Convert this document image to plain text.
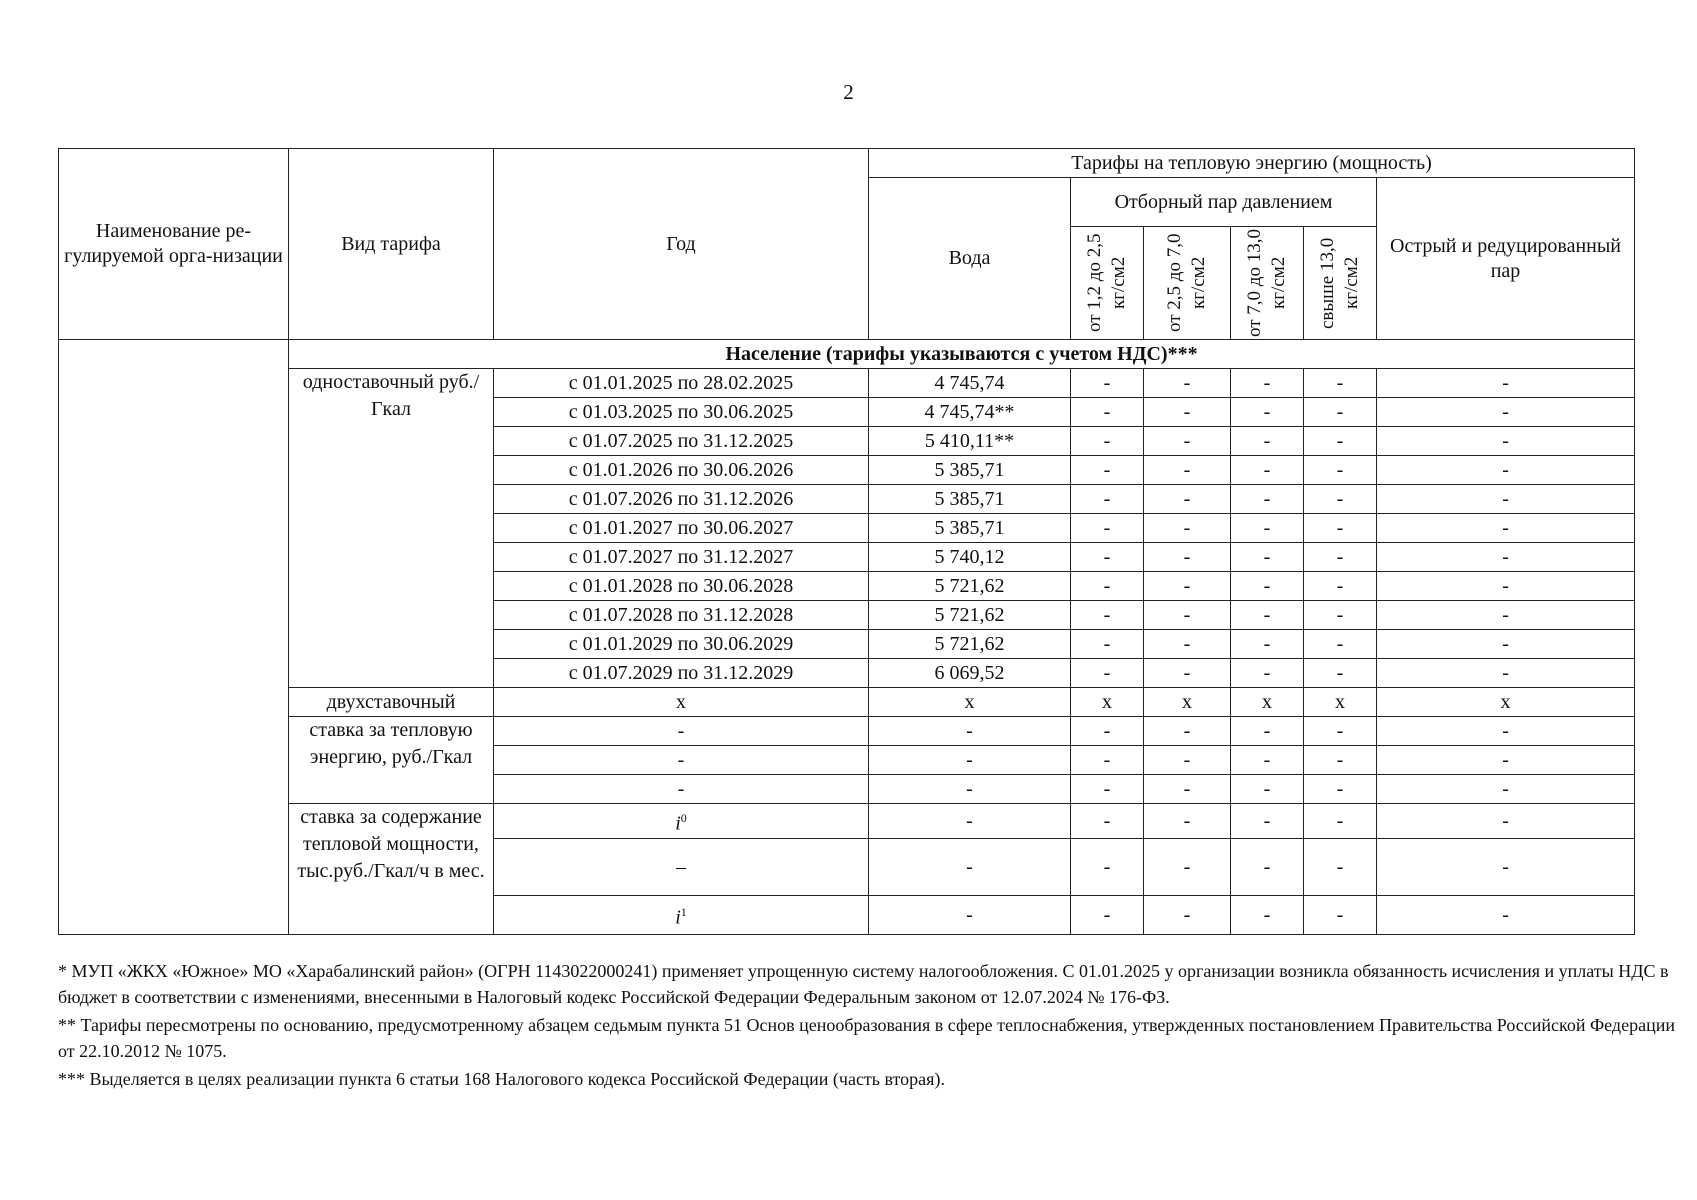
2
Наименование ре-гулируемой орга-низации	Вид тарифа	Год	Тарифы на тепловую энергию (мощность)					
			Вода	Отборный пар давлением				Острый и редуцированный пар

				от 1,2 до 2,5 кг/см2	от 2,5 до 7,0 кг/см2	от 7,0 до 13,0 кг/см2	свыше 13,0 кг/см2	

	Население (тарифы указываются с учетом НДС)***							
	одноставочный руб./Гкал	с 01.01.2025 по 28.02.2025	4 745,74	-	-	-	-	-
		с 01.03.2025 по 30.06.2025	4 745,74**	-	-	-	-	-
		с 01.07.2025 по 31.12.2025	5 410,11**	-	-	-	-	-
		с 01.01.2026 по 30.06.2026	5 385,71	-	-	-	-	-
		с 01.07.2026 по 31.12.2026	5 385,71	-	-	-	-	-
		с 01.01.2027 по 30.06.2027	5 385,71	-	-	-	-	-
		с 01.07.2027 по 31.12.2027	5 740,12	-	-	-	-	-
		с 01.01.2028 по 30.06.2028	5 721,62	-	-	-	-	-
		с 01.07.2028 по 31.12.2028	5 721,62	-	-	-	-	-
		с 01.01.2029 по 30.06.2029	5 721,62	-	-	-	-	-
		с 01.07.2029 по 31.12.2029	6 069,52	-	-	-	-	-
	двухставочный	x	x	x	x	x	x	x
	ставка за тепловую энергию, руб./Гкал	-	-	-	-	-	-	-
		-	-	-	-	-	-	-
		-	-	-	-	-	-	-
	ставка за содержание тепловой мощности, тыс.руб./Гкал/ч в мес.	$i^0$	-	-	-	-	-	-
		–	-	-	-	-	-	-
		$i^1$	-	-	-	-	-	-

* МУП «ЖКХ «Южное» МО «Харабалинский район» (ОГРН 1143022000241) применяет упрощенную систему налогообложения. С 01.01.2025 у организации возникла обязанность исчисления и уплаты НДС в бюджет в соответствии с изменениями, внесенными в Налоговый кодекс Российской Федерации Федеральным законом от 12.07.2024 № 176-ФЗ.

** Тарифы пересмотрены по основанию, предусмотренному абзацем седьмым пункта 51 Основ ценообразования в сфере теплоснабжения, утвержденных постановлением Правительства Российской Федерации от 22.10.2012 № 1075.

*** Выделяется в целях реализации пункта 6 статьи 168 Налогового кодекса Российской Федерации (часть вторая).
